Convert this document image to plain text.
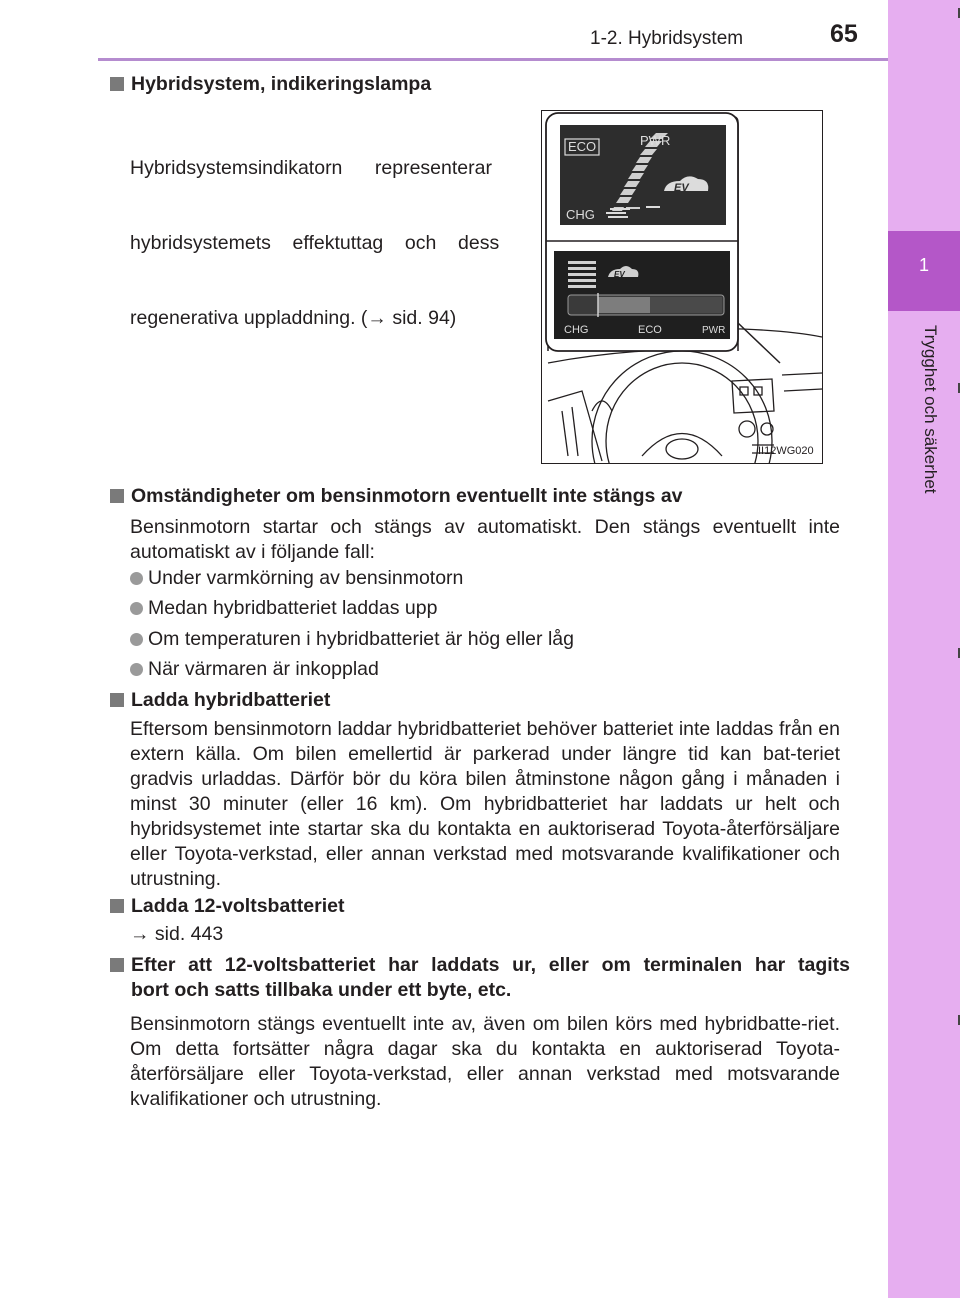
1-2. Hybridsystem	65
1
Trygghet och säkerhet
Hybridsystem, indikeringslampa

Hybridsystemsindikatorn      representerar

hybridsystemets    effektuttag    och    dess

regenerativa uppladdning. (→ sid. 94)

ECO	PWR
CHG
EV
EV
CHG	ECO	PWR
II12WG020
Omständigheter om bensinmotorn eventuellt inte stängs av
Bensinmotorn startar och stängs av automatiskt. Den stängs eventuellt inte automatiskt av i följande fall:
Under varmkörning av bensinmotorn
Medan hybridbatteriet laddas upp
Om temperaturen i hybridbatteriet är hög eller låg
När värmaren är inkopplad
Ladda hybridbatteriet
Eftersom bensinmotorn laddar hybridbatteriet behöver batteriet inte laddas från en extern källa. Om bilen emellertid är parkerad under längre tid kan bat-teriet gradvis urladdas. Därför bör du köra bilen åtminstone någon gång i månaden i minst 30 minuter (eller 16 km). Om hybridbatteriet har laddats ur helt och hybridsystemet inte startar ska du kontakta en auktoriserad Toyota-återförsäljare eller Toyota-verkstad, eller annan verkstad med motsvarande kvalifikationer och utrustning.
Ladda 12-voltsbatteriet
→ sid. 443
Efter att 12-voltsbatteriet har laddats ur, eller om terminalen har tagits
bort och satts tillbaka under ett byte, etc.
Bensinmotorn stängs eventuellt inte av, även om bilen körs med hybridbatte-riet. Om detta fortsätter några dagar ska du kontakta en auktoriserad Toyota-återförsäljare eller Toyota-verkstad, eller annan verkstad med motsvarande kvalifikationer och utrustning.
